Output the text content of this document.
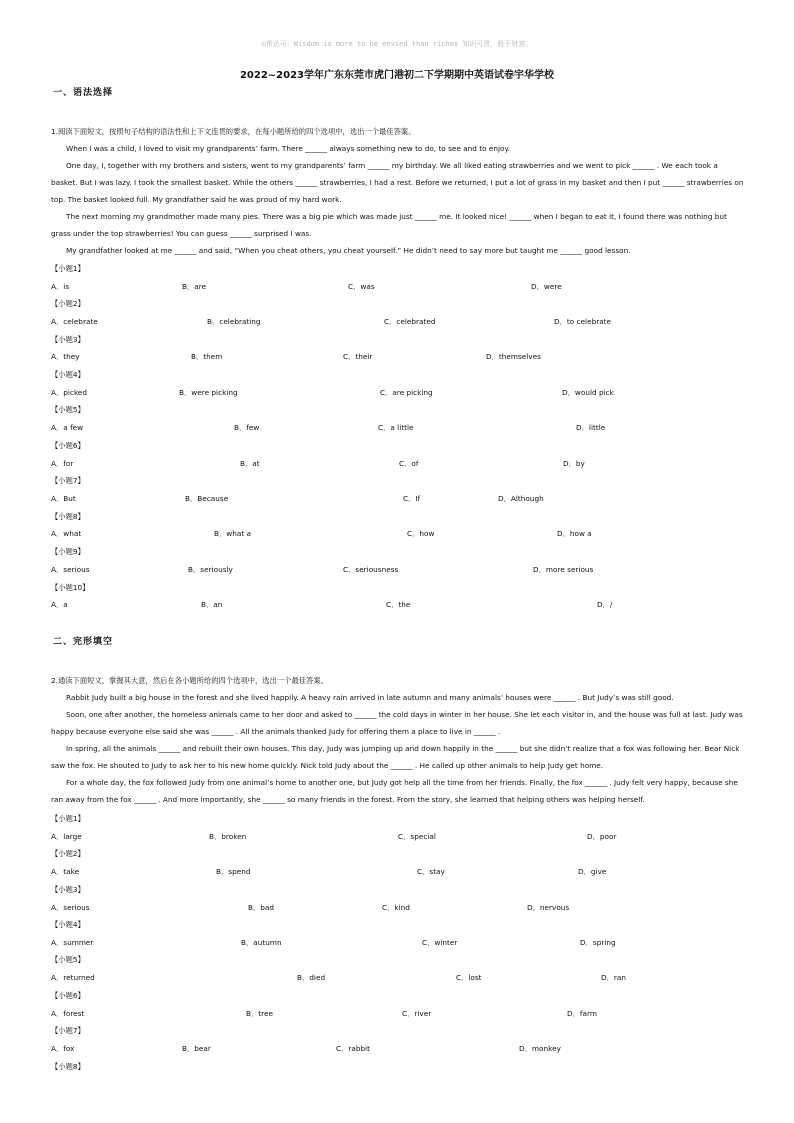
◎希达可：Wisdom is more to be envied than riches 知识可贵，胜于财富。
2022~2023学年广东东莞市虎门港初二下学期期中英语试卷宇华学校
一、语法选择

1.阅读下面短文，按照句子结构的语法性和上下文连贯的要求，在每小题所给的四个选项中，选出一个最佳答案。

When I was a child, I loved to visit my grandparents’ farm. There ______ always something new to do, to see and to enjoy.

One day, I, together with my brothers and sisters, went to my grandparents’ farm ______ my birthday. We all liked eating strawberries and we went to pick ______ . We each took a basket. But I was lazy. I took the smallest basket. While the others ______ strawberries, I had a rest. Before we returned, I put a lot of grass in my basket and then I put ______ strawberries on top. The basket looked full. My grandfather said he was proud of my hard work.

The next morning my grandmother made many pies. There was a big pie which was made just ______ me. It looked nice! ______ when I began to eat it, I found there was nothing but grass under the top strawberries! You can guess ______ surprised I was.

My grandfather looked at me ______ and said, “When you cheat others, you cheat yourself.” He didn’t need to say more but taught me ______ good lesson.

【小题1】
A．is	B．are	C．was	D．were
【小题2】
A．celebrate	B．celebrating	C．celebrated	D．to celebrate
【小题3】
A．they	B．them	C．their	D．themselves
【小题4】
A．picked	B．were picking	C．are picking	D．would pick
【小题5】
A．a few	B．few	C．a little	D．little
【小题6】
A．for	B．at	C．of	D．by
【小题7】
A．But	B．Because	C．If	D．Although
【小题8】
A．what	B．what a	C．how	D．how a
【小题9】
A．serious	B．seriously	C．seriousness	D．more serious
【小题10】
A．a	B．an	C．the	D．/
二、完形填空

2.通读下面短文，掌握其大意，然后在各小题所给的四个选项中，选出一个最佳答案。

Rabbit Judy built a big house in the forest and she lived happily. A heavy rain arrived in late autumn and many animals’ houses were ______ . But Judy’s was still good.

Soon, one after another, the homeless animals came to her door and asked to ______ the cold days in winter in her house. She let each visitor in, and the house was full at last. Judy was happy because everyone else said she was ______ . All the animals thanked Judy for offering them a place to live in ______ .

In spring, all the animals ______ and rebuilt their own houses. This day, Judy was jumping up and down happily in the ______ but she didn’t realize that a fox was following her. Bear Nick saw the fox. He shouted to Judy to ask her to his new home quickly. Nick told Judy about the ______ . He called up other animals to help Judy get home.

For a whole day, the fox followed Judy from one animal’s home to another one, but Judy got help all the time from her friends. Finally, the fox ______ . Judy felt very happy, because she ran away from the fox ______ . And more importantly, she ______ so many friends in the forest. From the story, she learned that helping others was helping herself.

【小题1】
A．large	B．broken	C．special	D．poor
【小题2】
A．take	B．spend	C．stay	D．give
【小题3】
A．serious	B．bad	C．kind	D．nervous
【小题4】
A．summer	B．autumn	C．winter	D．spring
【小题5】
A．returned	B．died	C．lost	D．ran
【小题6】
A．forest	B．tree	C．river	D．farm
【小题7】
A．fox	B．bear	C．rabbit	D．monkey
【小题8】
